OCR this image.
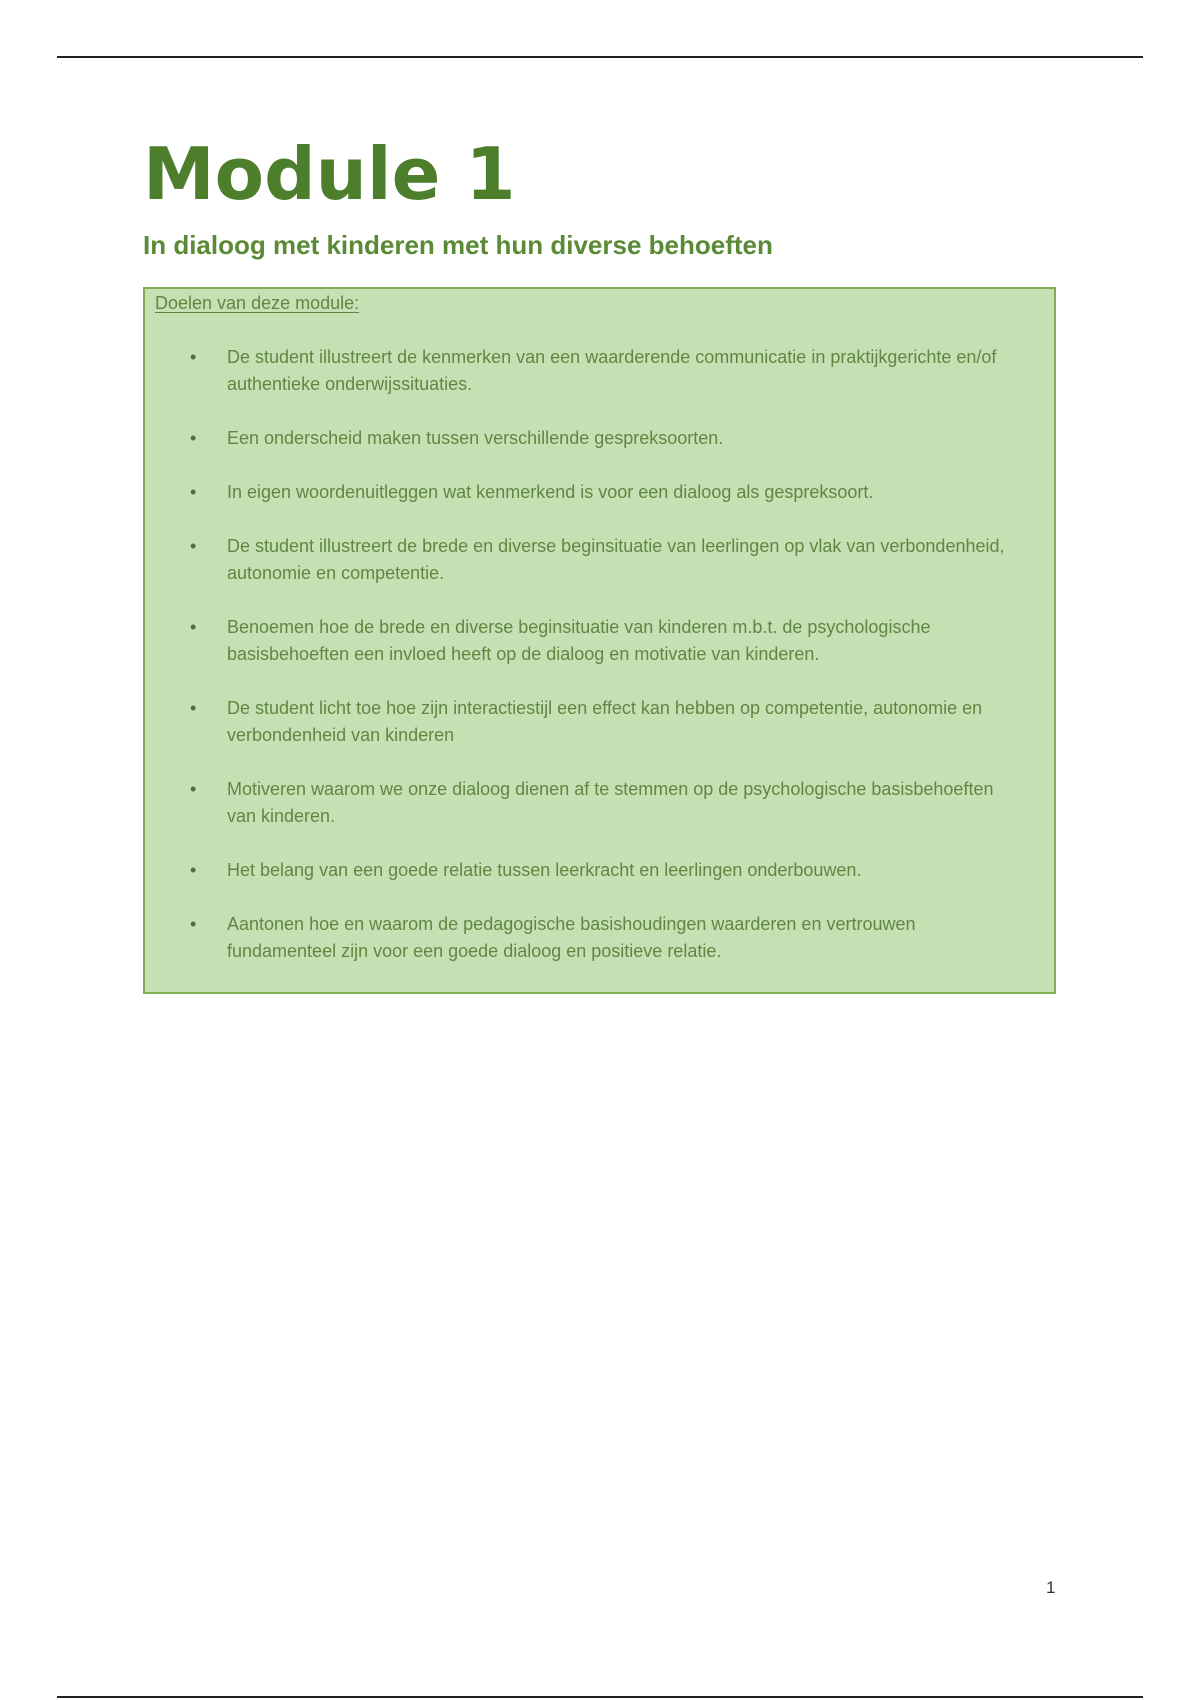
Module 1
In dialoog met kinderen met hun diverse behoeften

Doelen van deze module:

• De student illustreert de kenmerken van een waarderende communicatie in praktijkgerichte en/of authentieke onderwijssituaties.
• Een onderscheid maken tussen verschillende gespreksoorten.
• In eigen woordenuitleggen wat kenmerkend is voor een dialoog als gespreksoort.
• De student illustreert de brede en diverse beginsituatie van leerlingen op vlak van verbondenheid, autonomie en competentie.
• Benoemen hoe de brede en diverse beginsituatie van kinderen m.b.t. de psychologische basisbehoeften een invloed heeft op de dialoog en motivatie van kinderen.
• De student licht toe hoe zijn interactiestijl een effect kan hebben op competentie, autonomie en verbondenheid van kinderen
• Motiveren waarom we onze dialoog dienen af te stemmen op de psychologische basisbehoeften van kinderen.
• Het belang van een goede relatie tussen leerkracht en leerlingen onderbouwen.
• Aantonen hoe en waarom de pedagogische basishoudingen waarderen en vertrouwen fundamenteel zijn voor een goede dialoog en positieve relatie.
1
